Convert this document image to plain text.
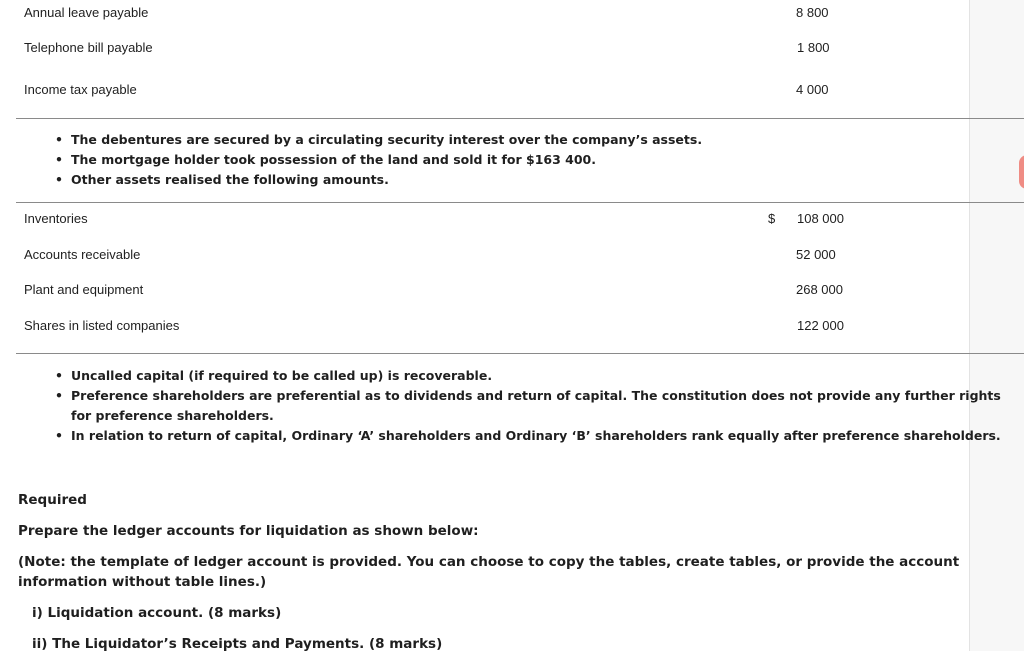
Annual leave payable	8 800
Telephone bill payable	1 800
Income tax payable	4 000
• The debentures are secured by a circulating security interest over the company’s assets.
• The mortgage holder took possession of the land and sold it for $163 400.
• Other assets realised the following amounts.
Inventories	$ 108 000
Accounts receivable	52 000
Plant and equipment	268 000
Shares in listed companies	122 000
• Uncalled capital (if required to be called up) is recoverable.
• Preference shareholders are preferential as to dividends and return of capital. The constitution does not provide any further rights for preference shareholders.
• In relation to return of capital, Ordinary ‘A’ shareholders and Ordinary ‘B’ shareholders rank equally after preference shareholders.
Required
Prepare the ledger accounts for liquidation as shown below:
(Note: the template of ledger account is provided. You can choose to copy the tables, create tables, or provide the account information without table lines.)
i) Liquidation account. (8 marks)
ii) The Liquidator’s Receipts and Payments. (8 marks)
